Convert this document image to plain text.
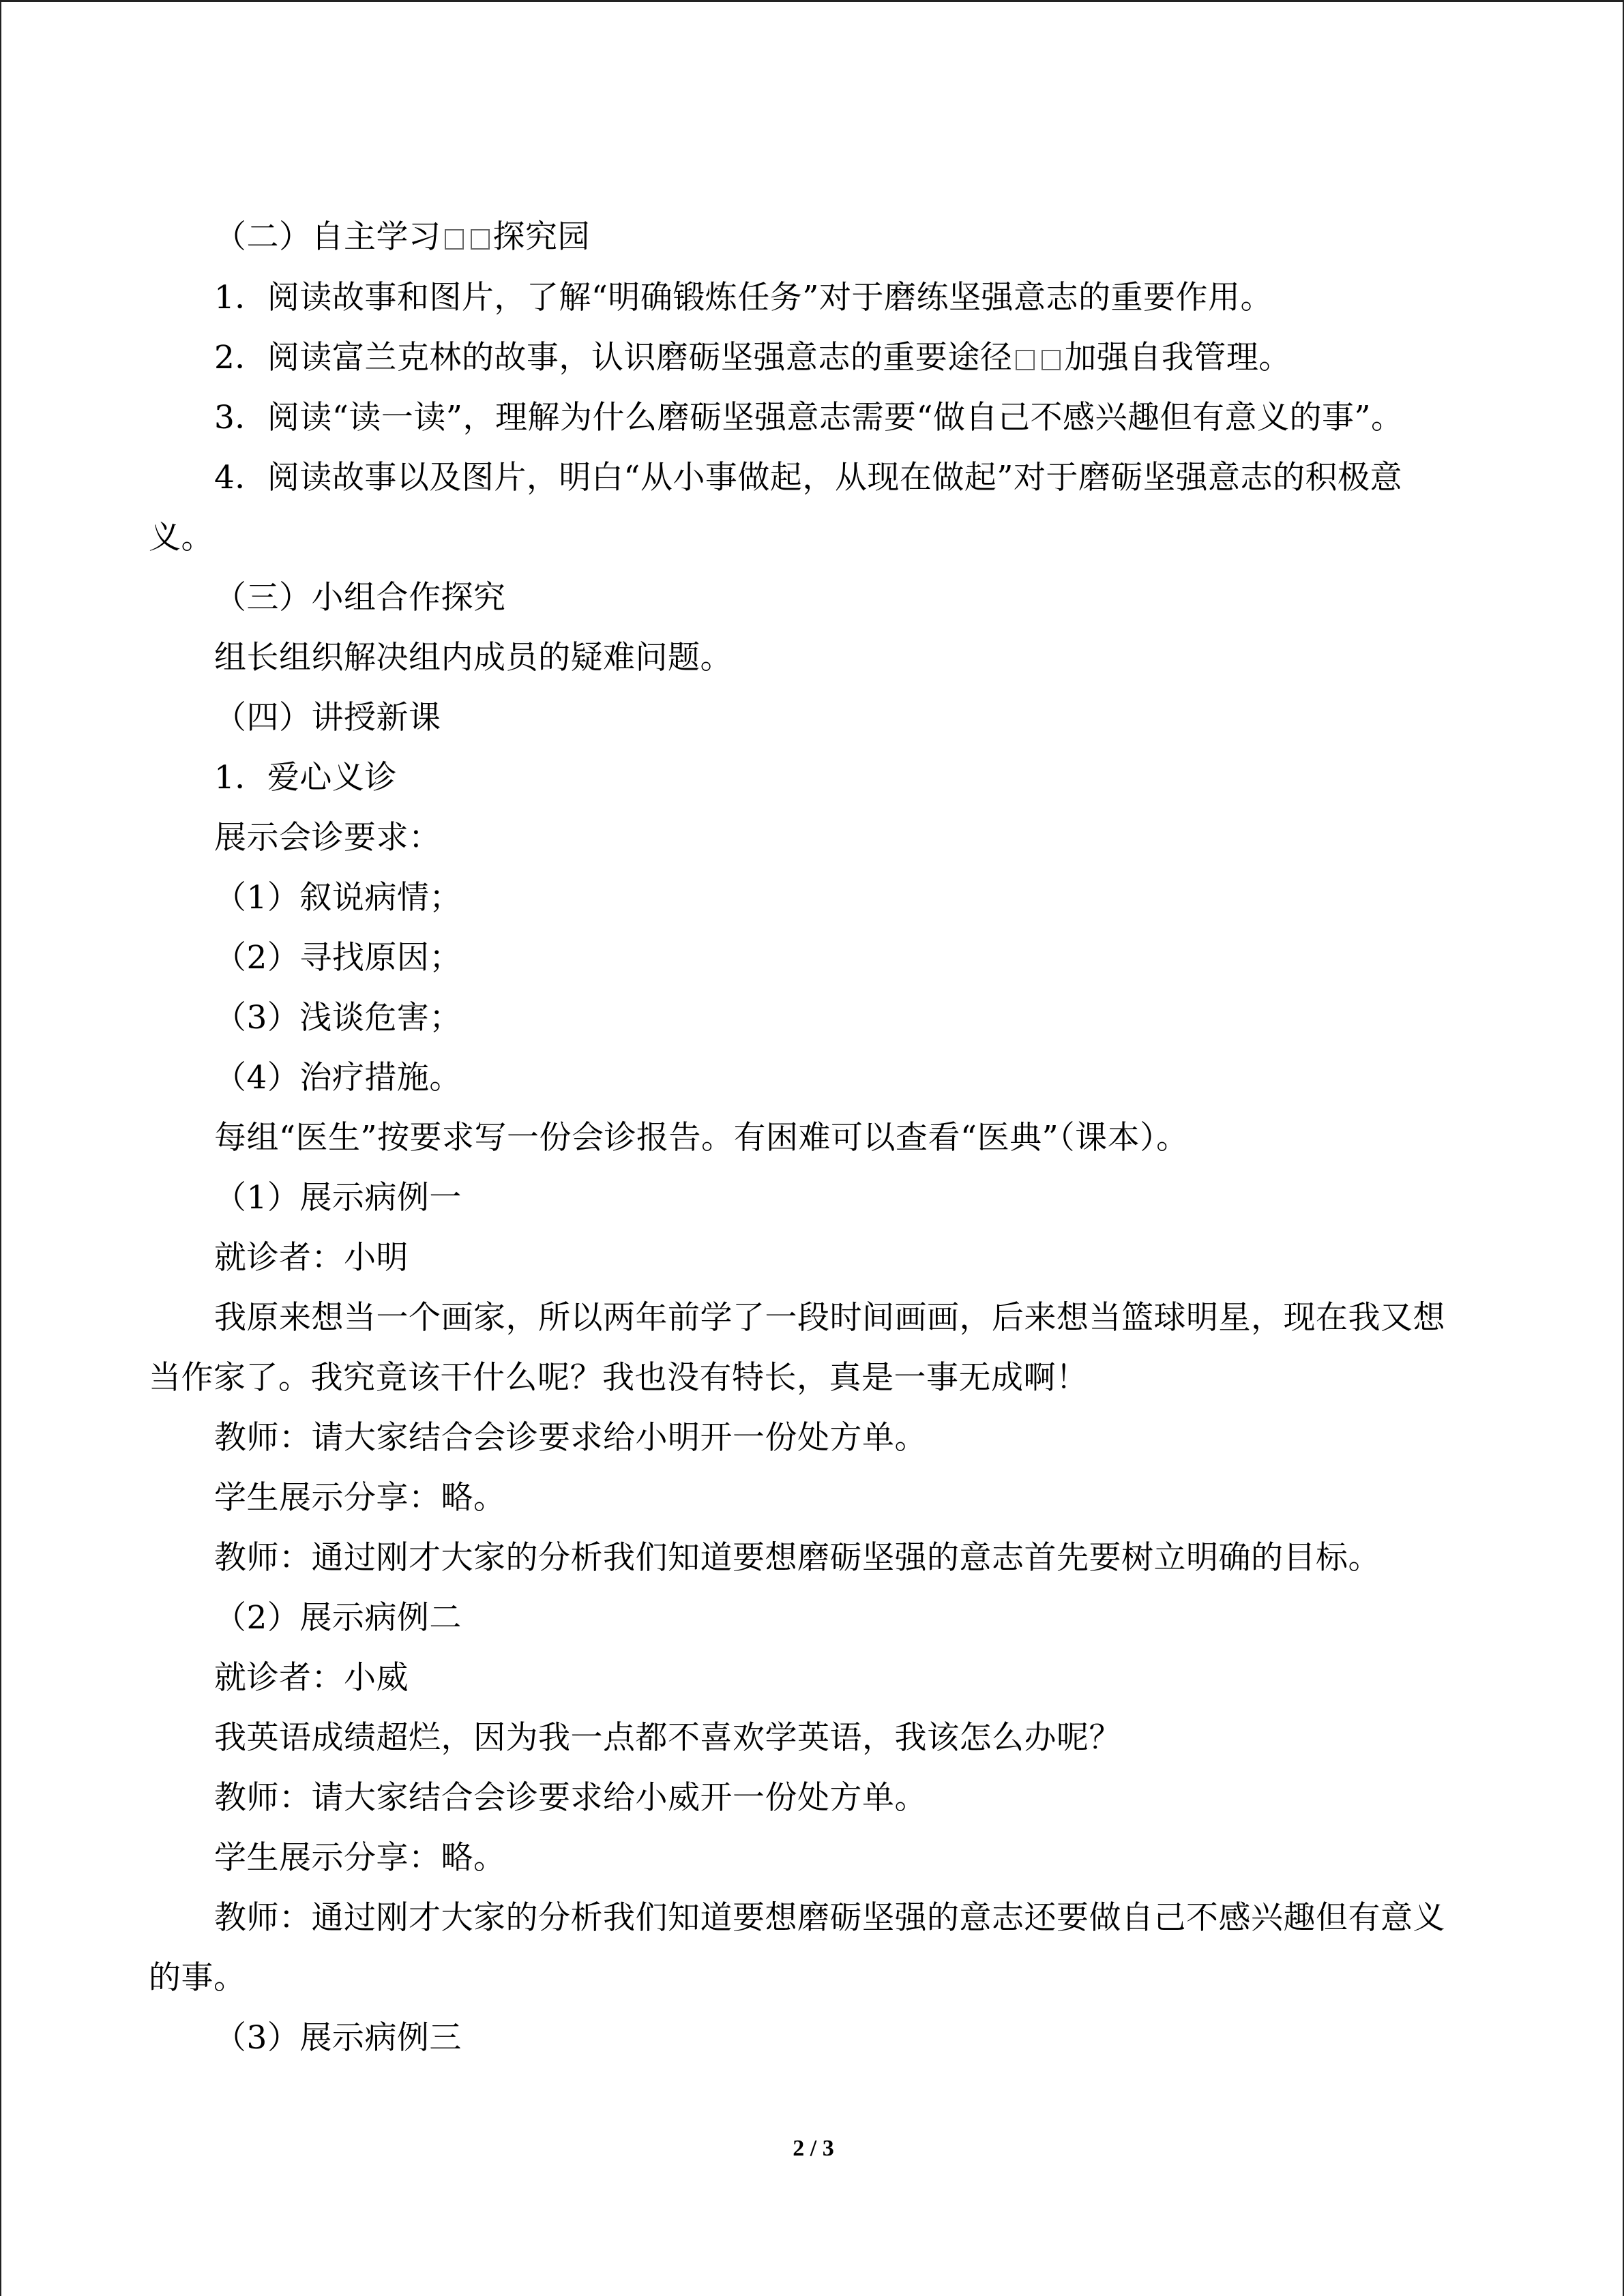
（二）自主学习 探究园
1．阅读故事和图片，了解“明确锻炼任务”对于磨练坚强意志的重要作用。
2．阅读富兰克林的故事，认识磨砺坚强意志的重要途径 加强自我管理。
3．阅读“读一读”，理解为什么磨砺坚强意志需要“做自己不感兴趣但有意义的事”。
4．阅读故事以及图片，明白“从小事做起，从现在做起”对于磨砺坚强意志的积极意
义。
（三）小组合作探究
组长组织解决组内成员的疑难问题。
（四）讲授新课
1．爱心义诊
展示会诊要求：
（1）叙说病情；
（2）寻找原因；
（3）浅谈危害；
（4）治疗措施。
每组“医生”按要求写一份会诊报告。有困难可以查看“医典”（课本）。
（1）展示病例一
就诊者：小明
我原来想当一个画家，所以两年前学了一段时间画画，后来想当篮球明星，现在我又想
当作家了。我究竟该干什么呢？我也没有特长，真是一事无成啊！
教师：请大家结合会诊要求给小明开一份处方单。
学生展示分享：略。
教师：通过刚才大家的分析我们知道要想磨砺坚强的意志首先要树立明确的目标。
（2）展示病例二
就诊者：小威
我英语成绩超烂，因为我一点都不喜欢学英语，我该怎么办呢？
教师：请大家结合会诊要求给小威开一份处方单。
学生展示分享：略。
教师：通过刚才大家的分析我们知道要想磨砺坚强的意志还要做自己不感兴趣但有意义
的事。
（3）展示病例三
2 / 3
